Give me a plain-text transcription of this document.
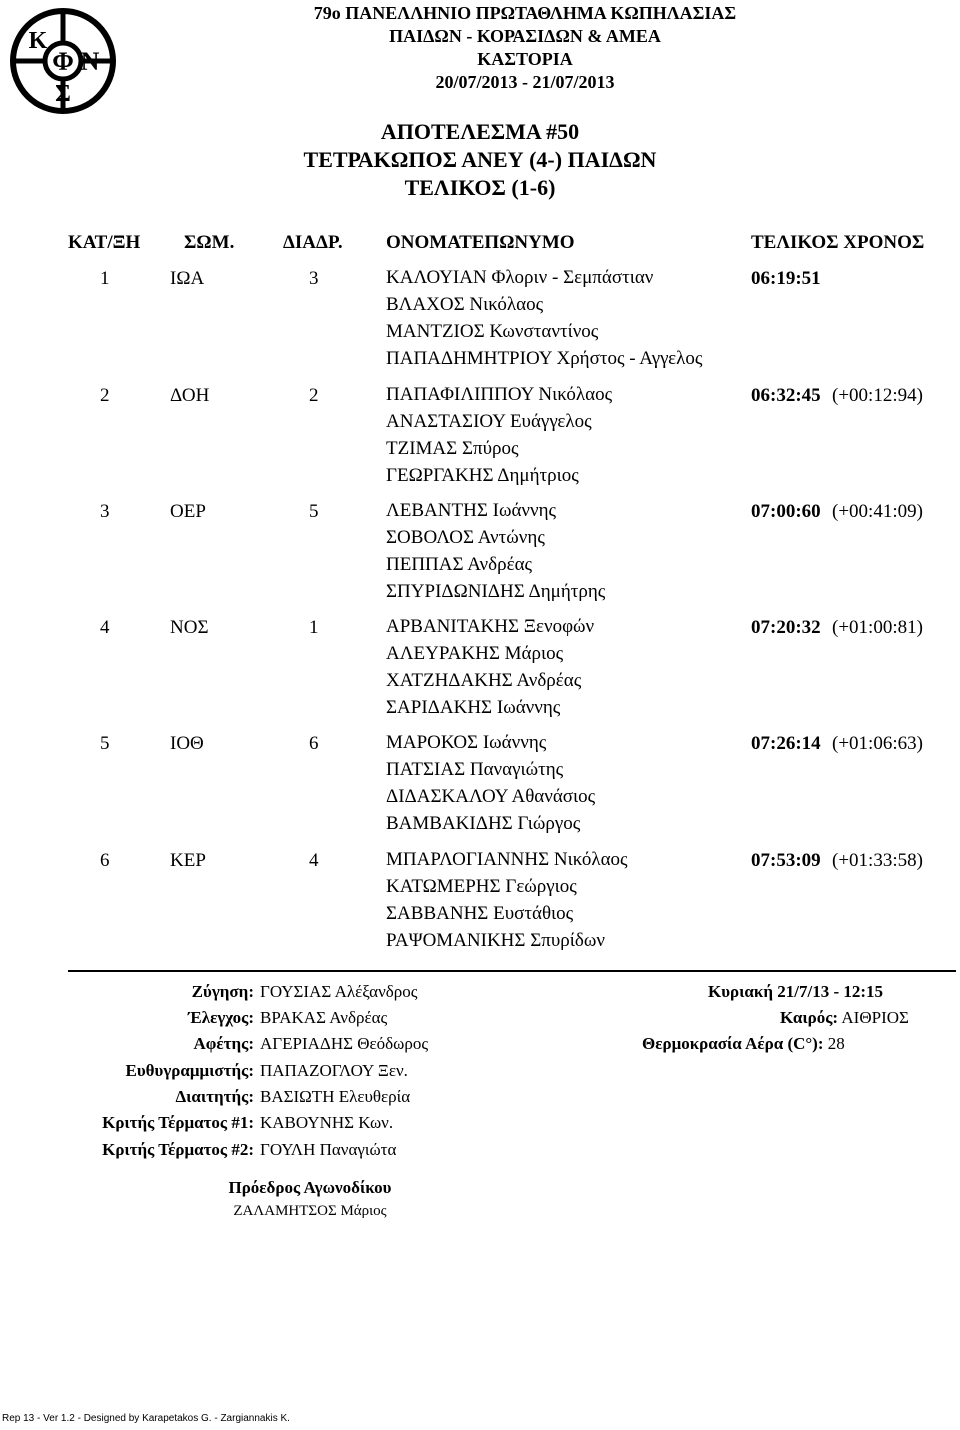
Κ
Φ Ν
Σ
79ο ΠΑΝΕΛΛΗΝΙΟ ΠΡΩΤΑΘΛΗΜΑ ΚΩΠΗΛΑΣΙΑΣ
ΠΑΙΔΩΝ - ΚΟΡΑΣΙΔΩΝ & ΑΜΕΑ
ΚΑΣΤΟΡΙΑ
20/07/2013 - 21/07/2013
ΑΠΟΤΕΛΕΣΜΑ #50
ΤΕΤΡΑΚΩΠΟΣ ΑΝΕΥ (4-) ΠΑΙΔΩΝ
ΤΕΛΙΚΟΣ (1-6)
ΚΑΤ/ΞΗ ΣΩΜ.	ΔΙΑΔΡ. ΟΝΟΜΑΤΕΠΩΝΥΜΟ	ΤΕΛΙΚΟΣ ΧΡΟΝΟΣ
1	ΙΩΑ	3	ΚΑΛΟΥΙΑΝ Φλοριν - Σεμπάστιαν
ΒΛΑΧΟΣ Νικόλαος
ΜΑΝΤΖΙΟΣ Κωνσταντίνος
ΠΑΠΑΔΗΜΗΤΡΙΟΥ Χρήστος - Αγγελος
06:19:51
2	ΔΟΗ	2	ΠΑΠΑΦΙΛΙΠΠΟΥ Νικόλαος
ΑΝΑΣΤΑΣΙΟΥ Ευάγγελος
ΤΖΙΜΑΣ Σπύρος
ΓΕΩΡΓΑΚΗΣ Δημήτριος
06:32:45 (+00:12:94)
3	ΟΕΡ	5	ΛΕΒΑΝΤΗΣ Ιωάννης
ΣΟΒΟΛΟΣ Αντώνης
ΠΕΠΠΑΣ Ανδρέας
ΣΠΥΡΙΔΩΝΙΔΗΣ Δημήτρης
07:00:60 (+00:41:09)
4	ΝΟΣ	1	ΑΡΒΑΝΙΤΑΚΗΣ Ξενοφών
ΑΛΕΥΡΑΚΗΣ Μάριος
ΧΑΤΖΗΔΑΚΗΣ Ανδρέας
ΣΑΡΙΔΑΚΗΣ Ιωάννης
07:20:32 (+01:00:81)
5	ΙΟΘ	6	ΜΑΡΟΚΟΣ Ιωάννης
ΠΑΤΣΙΑΣ Παναγιώτης
ΔΙΔΑΣΚΑΛΟΥ Αθανάσιος
ΒΑΜΒΑΚΙΔΗΣ Γιώργος
07:26:14 (+01:06:63)
6	ΚΕΡ	4	ΜΠΑΡΛΟΓΙΑΝΝΗΣ Νικόλαος
ΚΑΤΩΜΕΡΗΣ Γεώργιος
ΣΑΒΒΑΝΗΣ Ευστάθιος
ΡΑΨΟΜΑΝΙΚΗΣ Σπυρίδων
07:53:09 (+01:33:58)
Ζύγηση: ΓΟΥΣΙΑΣ Αλέξανδρος
Έλεγχος: ΒΡΑΚΑΣ Ανδρέας
Αφέτης: ΑΓΕΡΙΑΔΗΣ Θεόδωρος
Ευθυγραμμιστής: ΠΑΠΑΖΟΓΛΟΥ Ξεν.
Διαιτητής: ΒΑΣΙΩΤΗ Ελευθερία
Κριτής Τέρματος #1: ΚΑΒΟΥΝΗΣ Κων.
Κριτής Τέρματος #2: ΓΟΥΛΗ Παναγιώτα
Κυριακή 21/7/13 - 12:15
Καιρός: ΑΙΘΡΙΟΣ
Θερμοκρασία Αέρα (C°): 28
Πρόεδρος Αγωνοδίκου
ΖΑΛΑΜΗΤΣΟΣ Μάριος
Rep 13 - Ver 1.2 - Designed by Karapetakos G. - Zargiannakis K.
